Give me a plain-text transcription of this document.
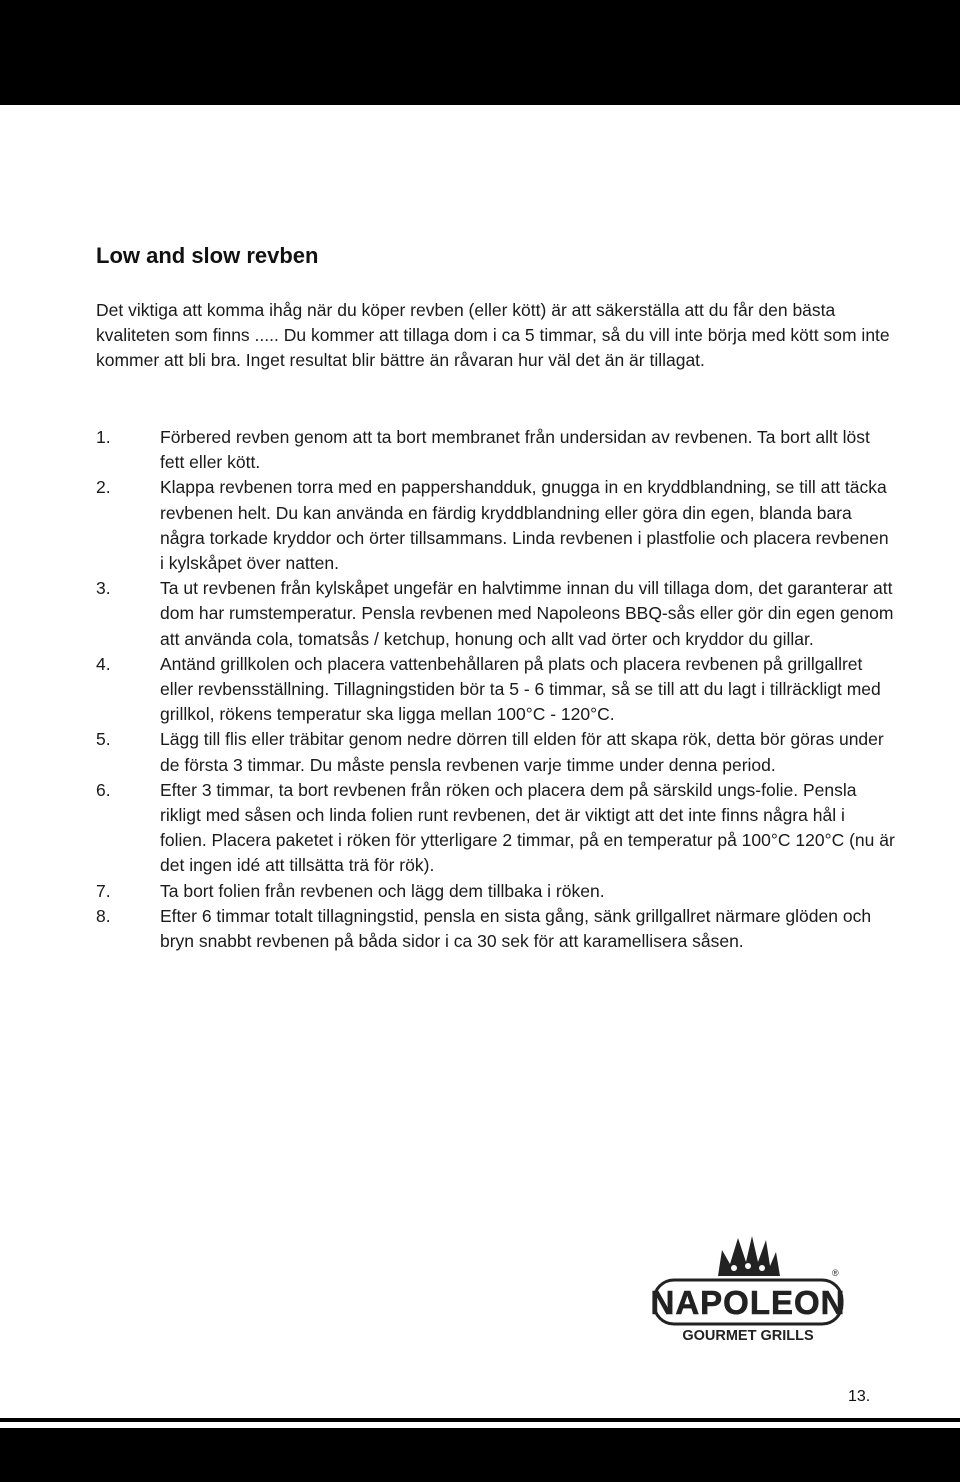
Low and slow revben

Det viktiga att komma ihåg när du köper revben (eller kött) är att säkerställa att du får den bästa kvaliteten som finns ..... Du kommer att tillaga dom i ca 5 timmar, så du vill inte börja med kött som inte kommer att bli bra. Inget resultat blir bättre än råvaran hur väl det än är tillagat.

1.	Förbered revben genom att ta bort membranet från undersidan av revbenen. Ta bort allt löst fett eller kött.
2.	Klappa revbenen torra med en pappershandduk, gnugga in en kryddblandning, se till att täcka revbenen helt. Du kan använda en färdig kryddblandning eller göra din egen, blanda bara några torkade kryddor och örter tillsammans. Linda revbenen i plastfolie och placera revbenen i kylskåpet över natten.
3.	Ta ut revbenen från kylskåpet ungefär en halvtimme innan du vill tillaga dom, det garanterar att dom har rumstemperatur. Pensla revbenen med Napoleons BBQ-sås eller gör din egen genom att använda cola, tomatsås / ketchup, honung och allt vad örter och kryddor du gillar.
4.	Antänd grillkolen och placera vattenbehållaren på plats och placera revbenen på grillgallret eller revbensställning. Tillagningstiden bör ta 5 - 6 timmar, så se till att du lagt i tillräckligt med grillkol, rökens temperatur ska ligga mellan 100°C - 120°C.
5.	Lägg till flis eller träbitar genom nedre dörren till elden för att skapa rök, detta bör göras under de första 3 timmar. Du måste pensla revbenen varje timme under denna period.
6.	Efter 3 timmar, ta bort revbenen från röken och placera dem på särskild ungs-folie. Pensla rikligt med såsen och linda folien runt revbenen, det är viktigt att det inte finns några hål i folien. Placera paketet i röken för ytterligare 2 timmar, på en temperatur på 100°C 120°C (nu är det ingen idé att tillsätta trä för rök).
7.	Ta bort folien från revbenen och lägg dem tillbaka i röken.
8.	Efter 6 timmar totalt tillagningstid, pensla en sista gång, sänk grillgallret närmare glöden och bryn snabbt revbenen på båda sidor i ca 30 sek för att karamellisera såsen.
NAPOLEON
®
GOURMET GRILLS
13.
